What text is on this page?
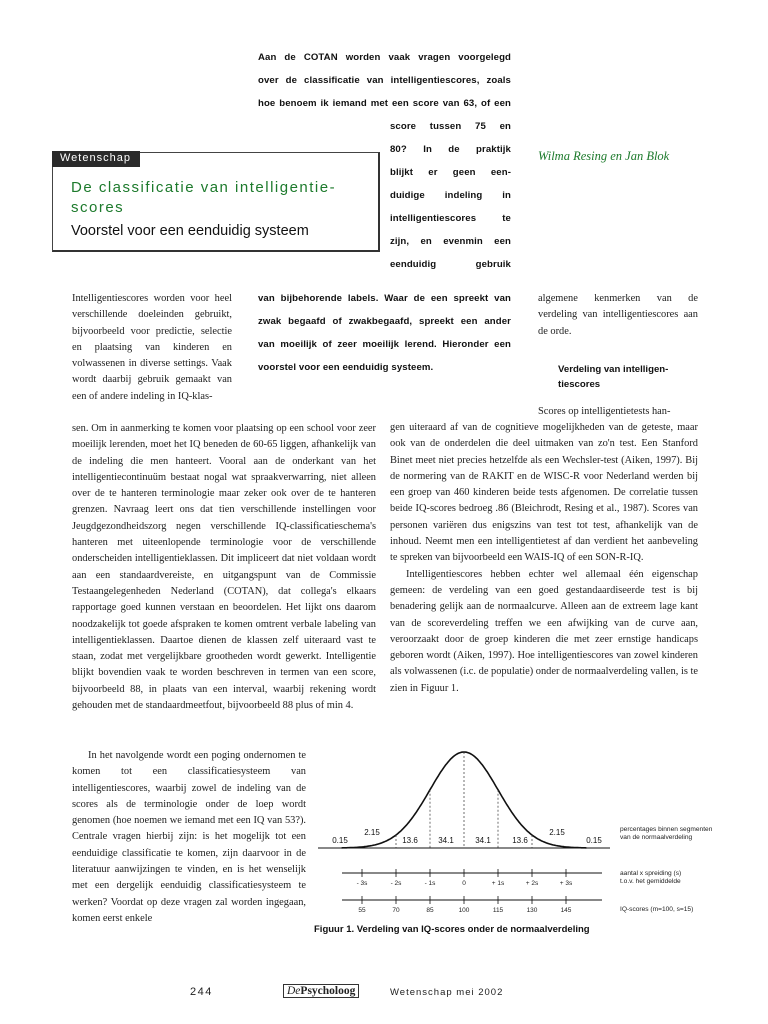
Aan de COTAN worden vaak vragen voorgelegd
over de classificatie van intelligentiescores, zoals
hoe benoem ik iemand met een score van 63, of een
score tussen 75 en
80? In de praktijk
blijkt er geen een-
duidige indeling in
intelligentiescores te
zijn, en evenmin een
eenduidig gebruik
van bijbehorende labels. Waar de een spreekt van
zwak begaafd of zwakbegaafd, spreekt een ander
van moeilijk of zeer moeilijk lerend. Hieronder een
voorstel voor een eenduidig systeem.
Wetenschap
De classificatie van intelligentie-
scores
Voorstel voor een eenduidig systeem
Wilma Resing en Jan Blok

Intelligentiescores worden voor heel verschillende doeleinden gebruikt, bijvoorbeeld voor predictie, selectie en plaatsing van kinderen en volwassenen in diverse settings. Vaak wordt daarbij gebruik gemaakt van een of andere indeling in IQ-klas-

sen. Om in aanmerking te komen voor plaatsing op een school voor zeer moeilijk lerenden, moet het IQ beneden de 60-65 liggen, afhankelijk van de indeling die men hanteert. Vooral aan de onderkant van het intelligentiecontinuüm bestaat nogal wat spraakverwarring, niet alleen over de te hanteren terminologie maar zeker ook over de te hanteren grenzen. Navraag leert ons dat tien verschillende instellingen voor Jeugdgezondheidszorg negen verschillende IQ-classificatieschema's hanteren met uiteenlopende terminologie voor de verschillende onderscheiden intelligentieklassen. Dit impliceert dat niet voldaan wordt aan een standaardvereiste, en uitgangspunt van de Commissie Testaangelegenheden Nederland (COTAN), dat collega's elkaars rapportage goed kunnen verstaan en beoordelen. Het lijkt ons daarom noodzakelijk tot goede afspraken te komen omtrent verbale labeling van intelligentieklassen. Daartoe dienen de klassen zelf uiteraard vast te staan, zodat met vergelijkbare grootheden wordt gewerkt. Intelligentie blijkt bovendien vaak te worden beschreven in termen van een score, bijvoorbeeld 88, in plaats van een interval, waarbij rekening wordt gehouden met de standaardmeetfout, bijvoorbeeld 88 plus of min 4.

In het navolgende wordt een poging ondernomen te komen tot een classificatiesysteem van intelligentiescores, waarbij zowel de indeling van de scores als de terminologie onder de loep wordt genomen (hoe noemen we iemand met een IQ van 53?). Centrale vragen hierbij zijn: is het mogelijk tot een eenduidige classificatie te komen, zijn daarvoor in de literatuur aanwijzingen te vinden, en is het wenselijk met een dergelijk eenduidig classificatiesysteem te werken? Voordat op deze vragen zal worden ingegaan, komen eerst enkele

algemene kenmerken van de verdeling van intelligentiescores aan de orde.

Verdeling van intelligen-
tiescores

Scores op intelligentietests han-

gen uiteraard af van de cognitieve mogelijkheden van de geteste, maar ook van de onderdelen die deel uitmaken van zo'n test. Een Stanford Binet meet niet precies hetzelfde als een Wechsler-test (Aiken, 1997). Bij de normering van de RAKIT en de WISC-R voor Nederland werden bij een groep van 460 kinderen beide tests afgenomen. De correlatie tussen beide IQ-scores bedroeg .86 (Bleichrodt, Resing et al., 1987). Scores van personen variëren dus enigszins van test tot test, afhankelijk van de inhoud. Neemt men een intelligentietest af dan verdient het aanbeveling te spreken van bijvoorbeeld een WAIS-IQ of een SON-R-IQ.

Intelligentiescores hebben echter wel allemaal één eigenschap gemeen: de verdeling van een goed gestandaardiseerde test is bij benadering gelijk aan de normaalcurve. Alleen aan de extreem lage kant van de scoreverdeling treffen we een afwijking van de curve aan, veroorzaakt door de groep kinderen die met zeer ernstige handicaps geboren wordt (Aiken, 1997). Hoe intelligentiescores van zowel kinderen als volwassenen (i.c. de populatie) onder de normaalverdeling vallen, is te zien in Figuur 1.

0.15
2.15
13.6	34.1	34.1	13.6
2.15
0.15
- 3s	- 2s	- 1s	0	+ 1s	+ 2s	+ 3s
55	70	85	100	115	130	145
percentages binnen segmenten
van de normaalverdeling
aantal x spreiding (s)
t.o.v. het gemiddelde
IQ-scores (m=100, s=15)
Figuur 1. Verdeling van IQ-scores onder de normaalverdeling
244	DePsycholoog	Wetenschap mei 2002
